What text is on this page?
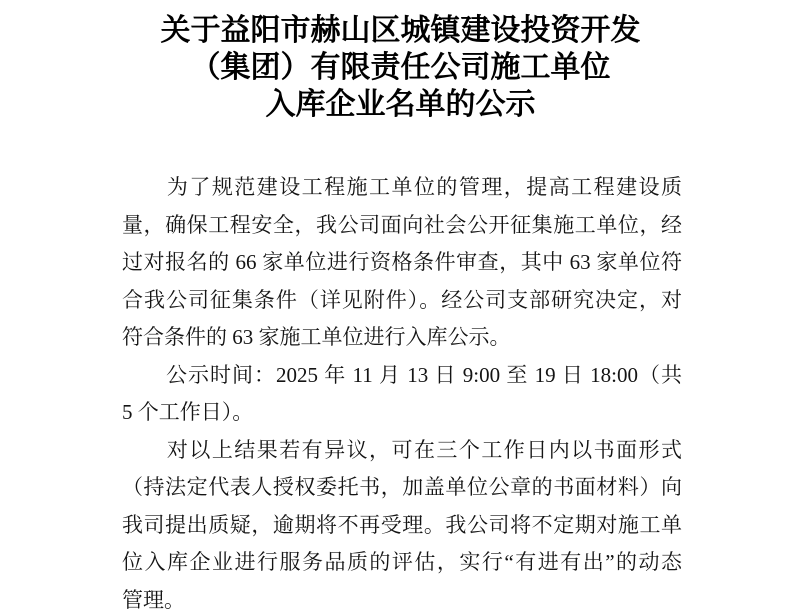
关于益阳市赫山区城镇建设投资开发
（集团）有限责任公司施工单位
入库企业名单的公示
　　为了规范建设工程施工单位的管理，提高工程建设质
量，确保工程安全，我公司面向社会公开征集施工单位，经
过对报名的 66 家单位进行资格条件审查，其中 63 家单位符
合我公司征集条件（详见附件）。经公司支部研究决定，对
符合条件的 63 家施工单位进行入库公示。
　　公示时间：2025 年 11 月 13 日 9:00 至 19 日 18:00（共
5 个工作日）。
　　对以上结果若有异议，可在三个工作日内以书面形式
（持法定代表人授权委托书，加盖单位公章的书面材料）向
我司提出质疑，逾期将不再受理。我公司将不定期对施工单
位入库企业进行服务品质的评估，实行“有进有出”的动态
管理。
